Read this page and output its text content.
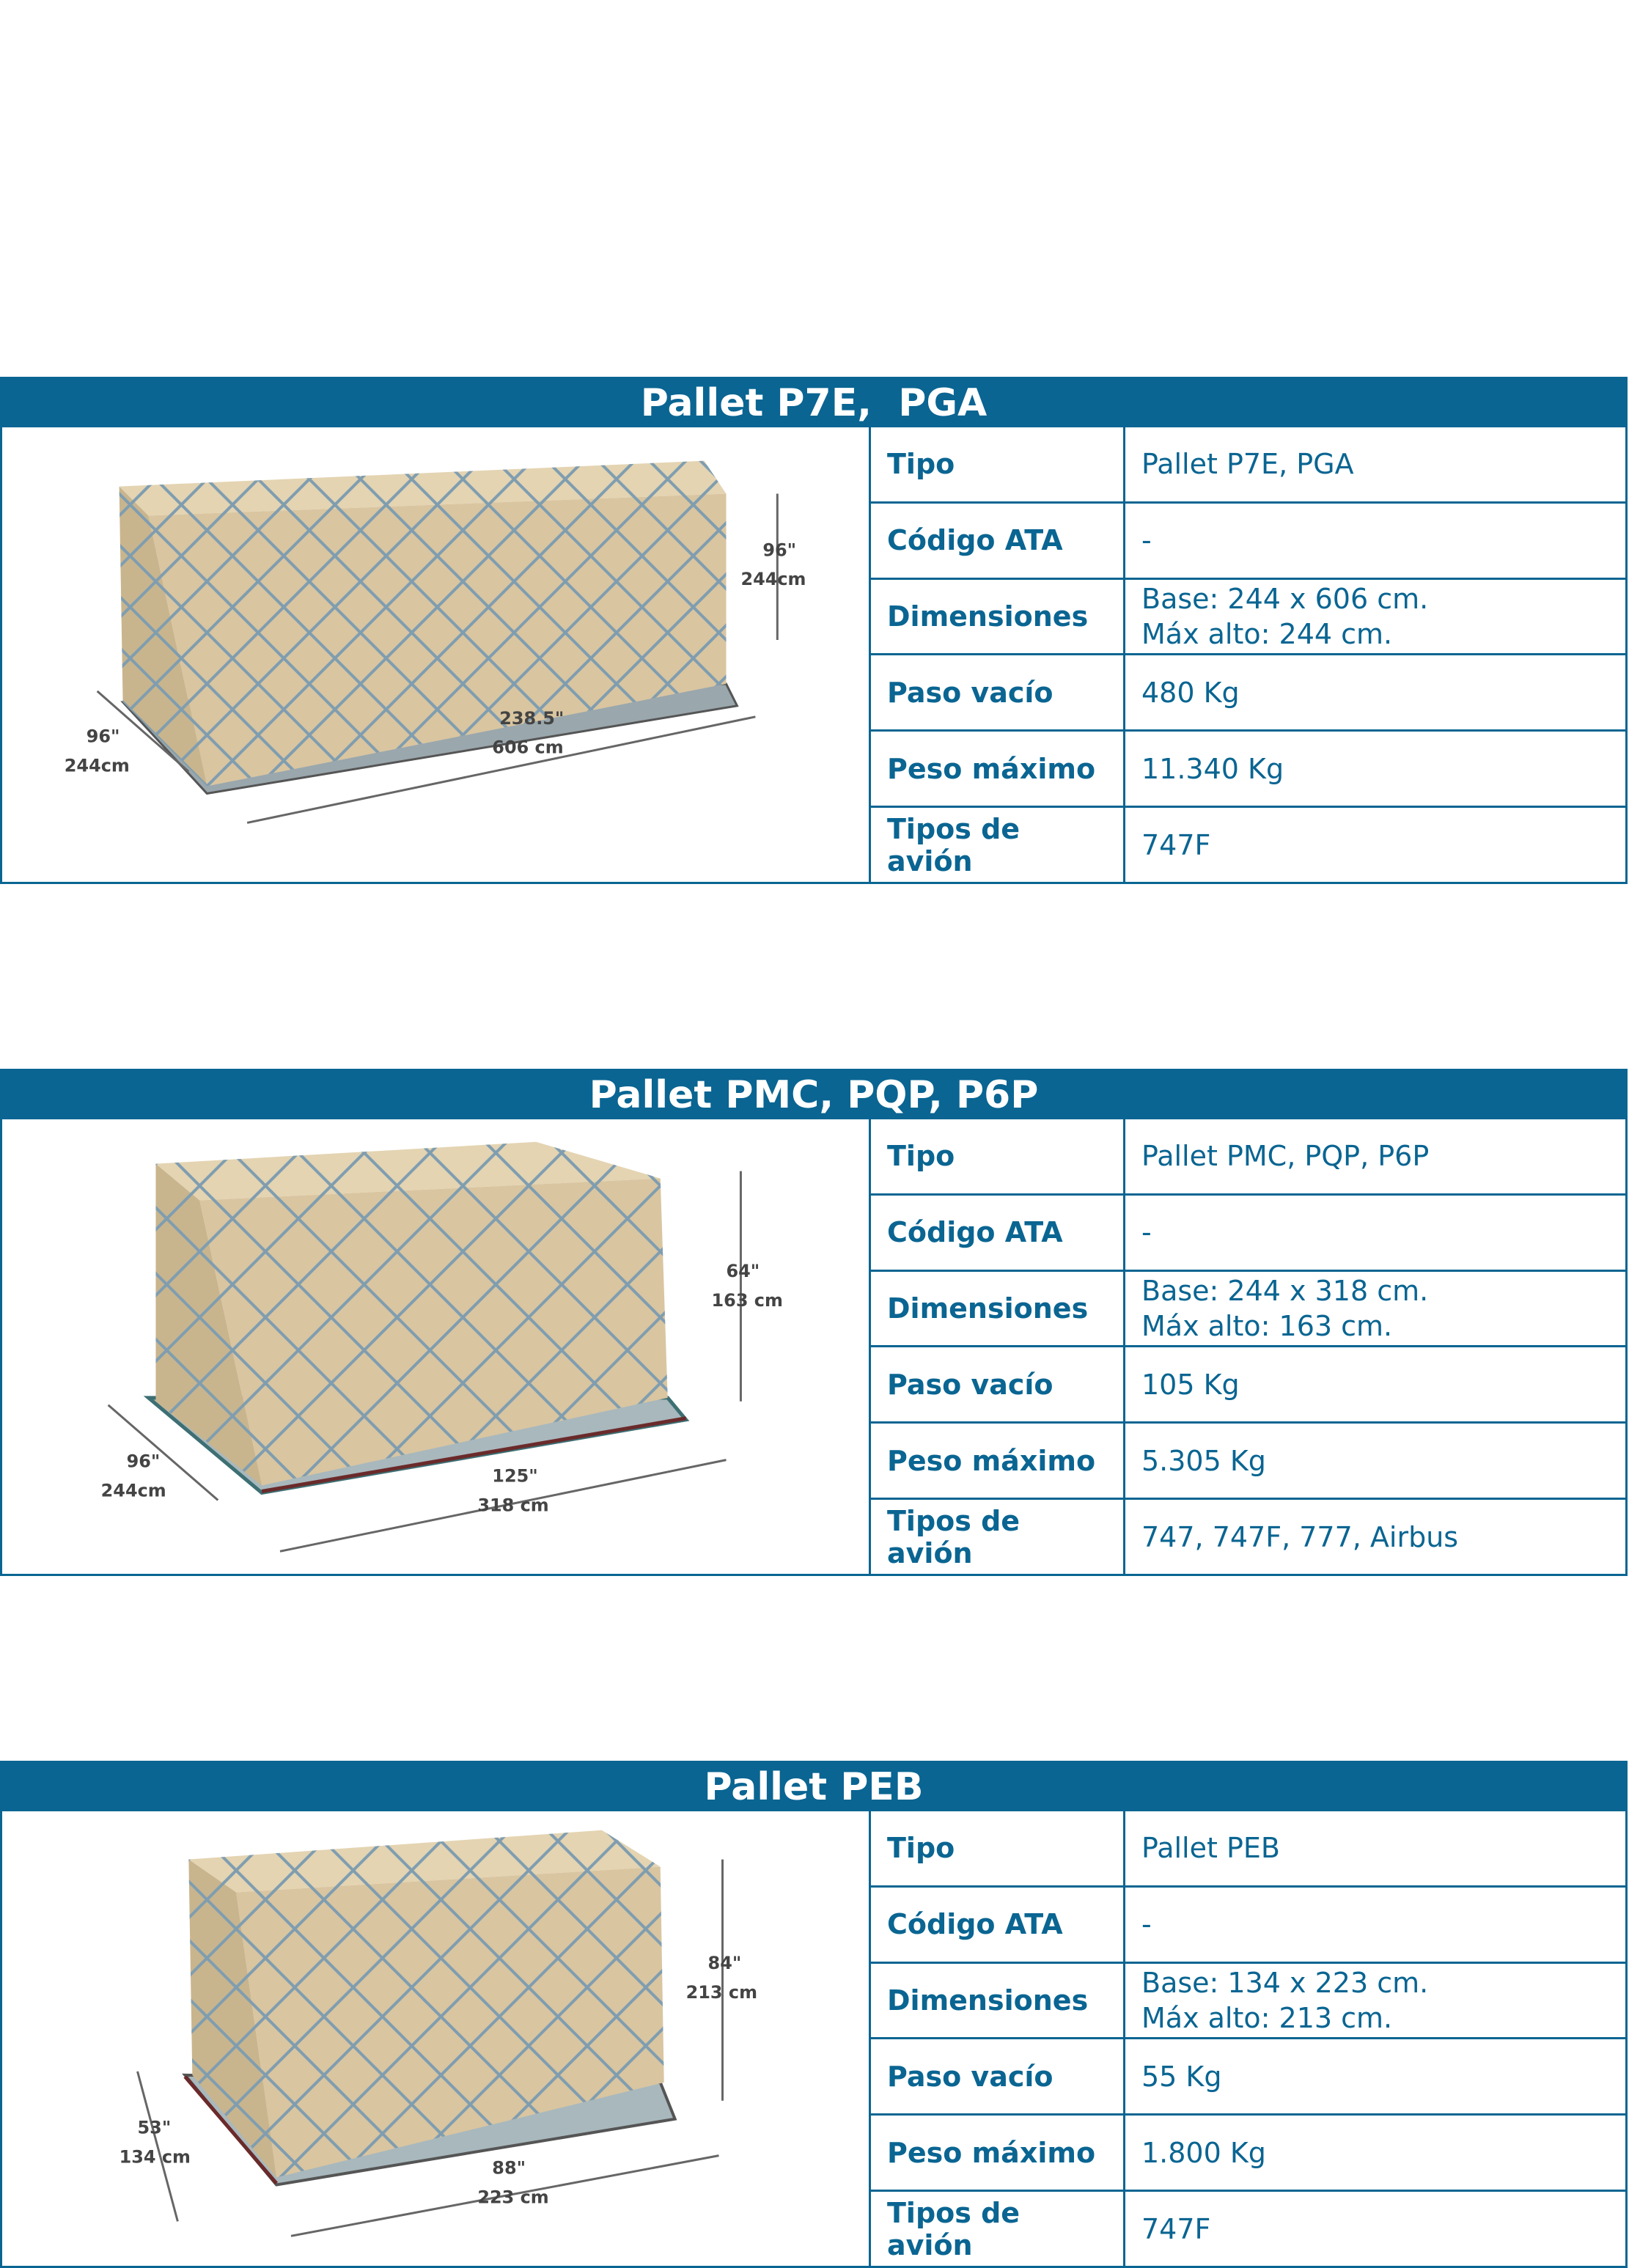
Pallet P7E,  PGA
96"
244cm
96"
244cm
238.5"
606 cm
Tipo	Pallet P7E, PGA
Código ATA	-
Dimensiones	Base: 244 x 606 cm.
Máx alto: 244 cm.
Paso vacío	480 Kg
Peso máximo	11.340 Kg
Tipos de avión	747F
Pallet PMC, PQP, P6P
64"
163 cm
96"
244cm
125"
318 cm
Tipo	Pallet PMC, PQP, P6P
Código ATA	-
Dimensiones	Base: 244 x 318 cm.
Máx alto: 163 cm.
Paso vacío	105 Kg
Peso máximo	5.305 Kg
Tipos de avión	747, 747F, 777, Airbus
Pallet PEB
84"
213 cm
53"
134 cm
88"
223 cm
Tipo	Pallet PEB
Código ATA	-
Dimensiones	Base: 134 x 223 cm.
Máx alto: 213 cm.
Paso vacío	55 Kg
Peso máximo	1.800 Kg
Tipos de avión	747F
